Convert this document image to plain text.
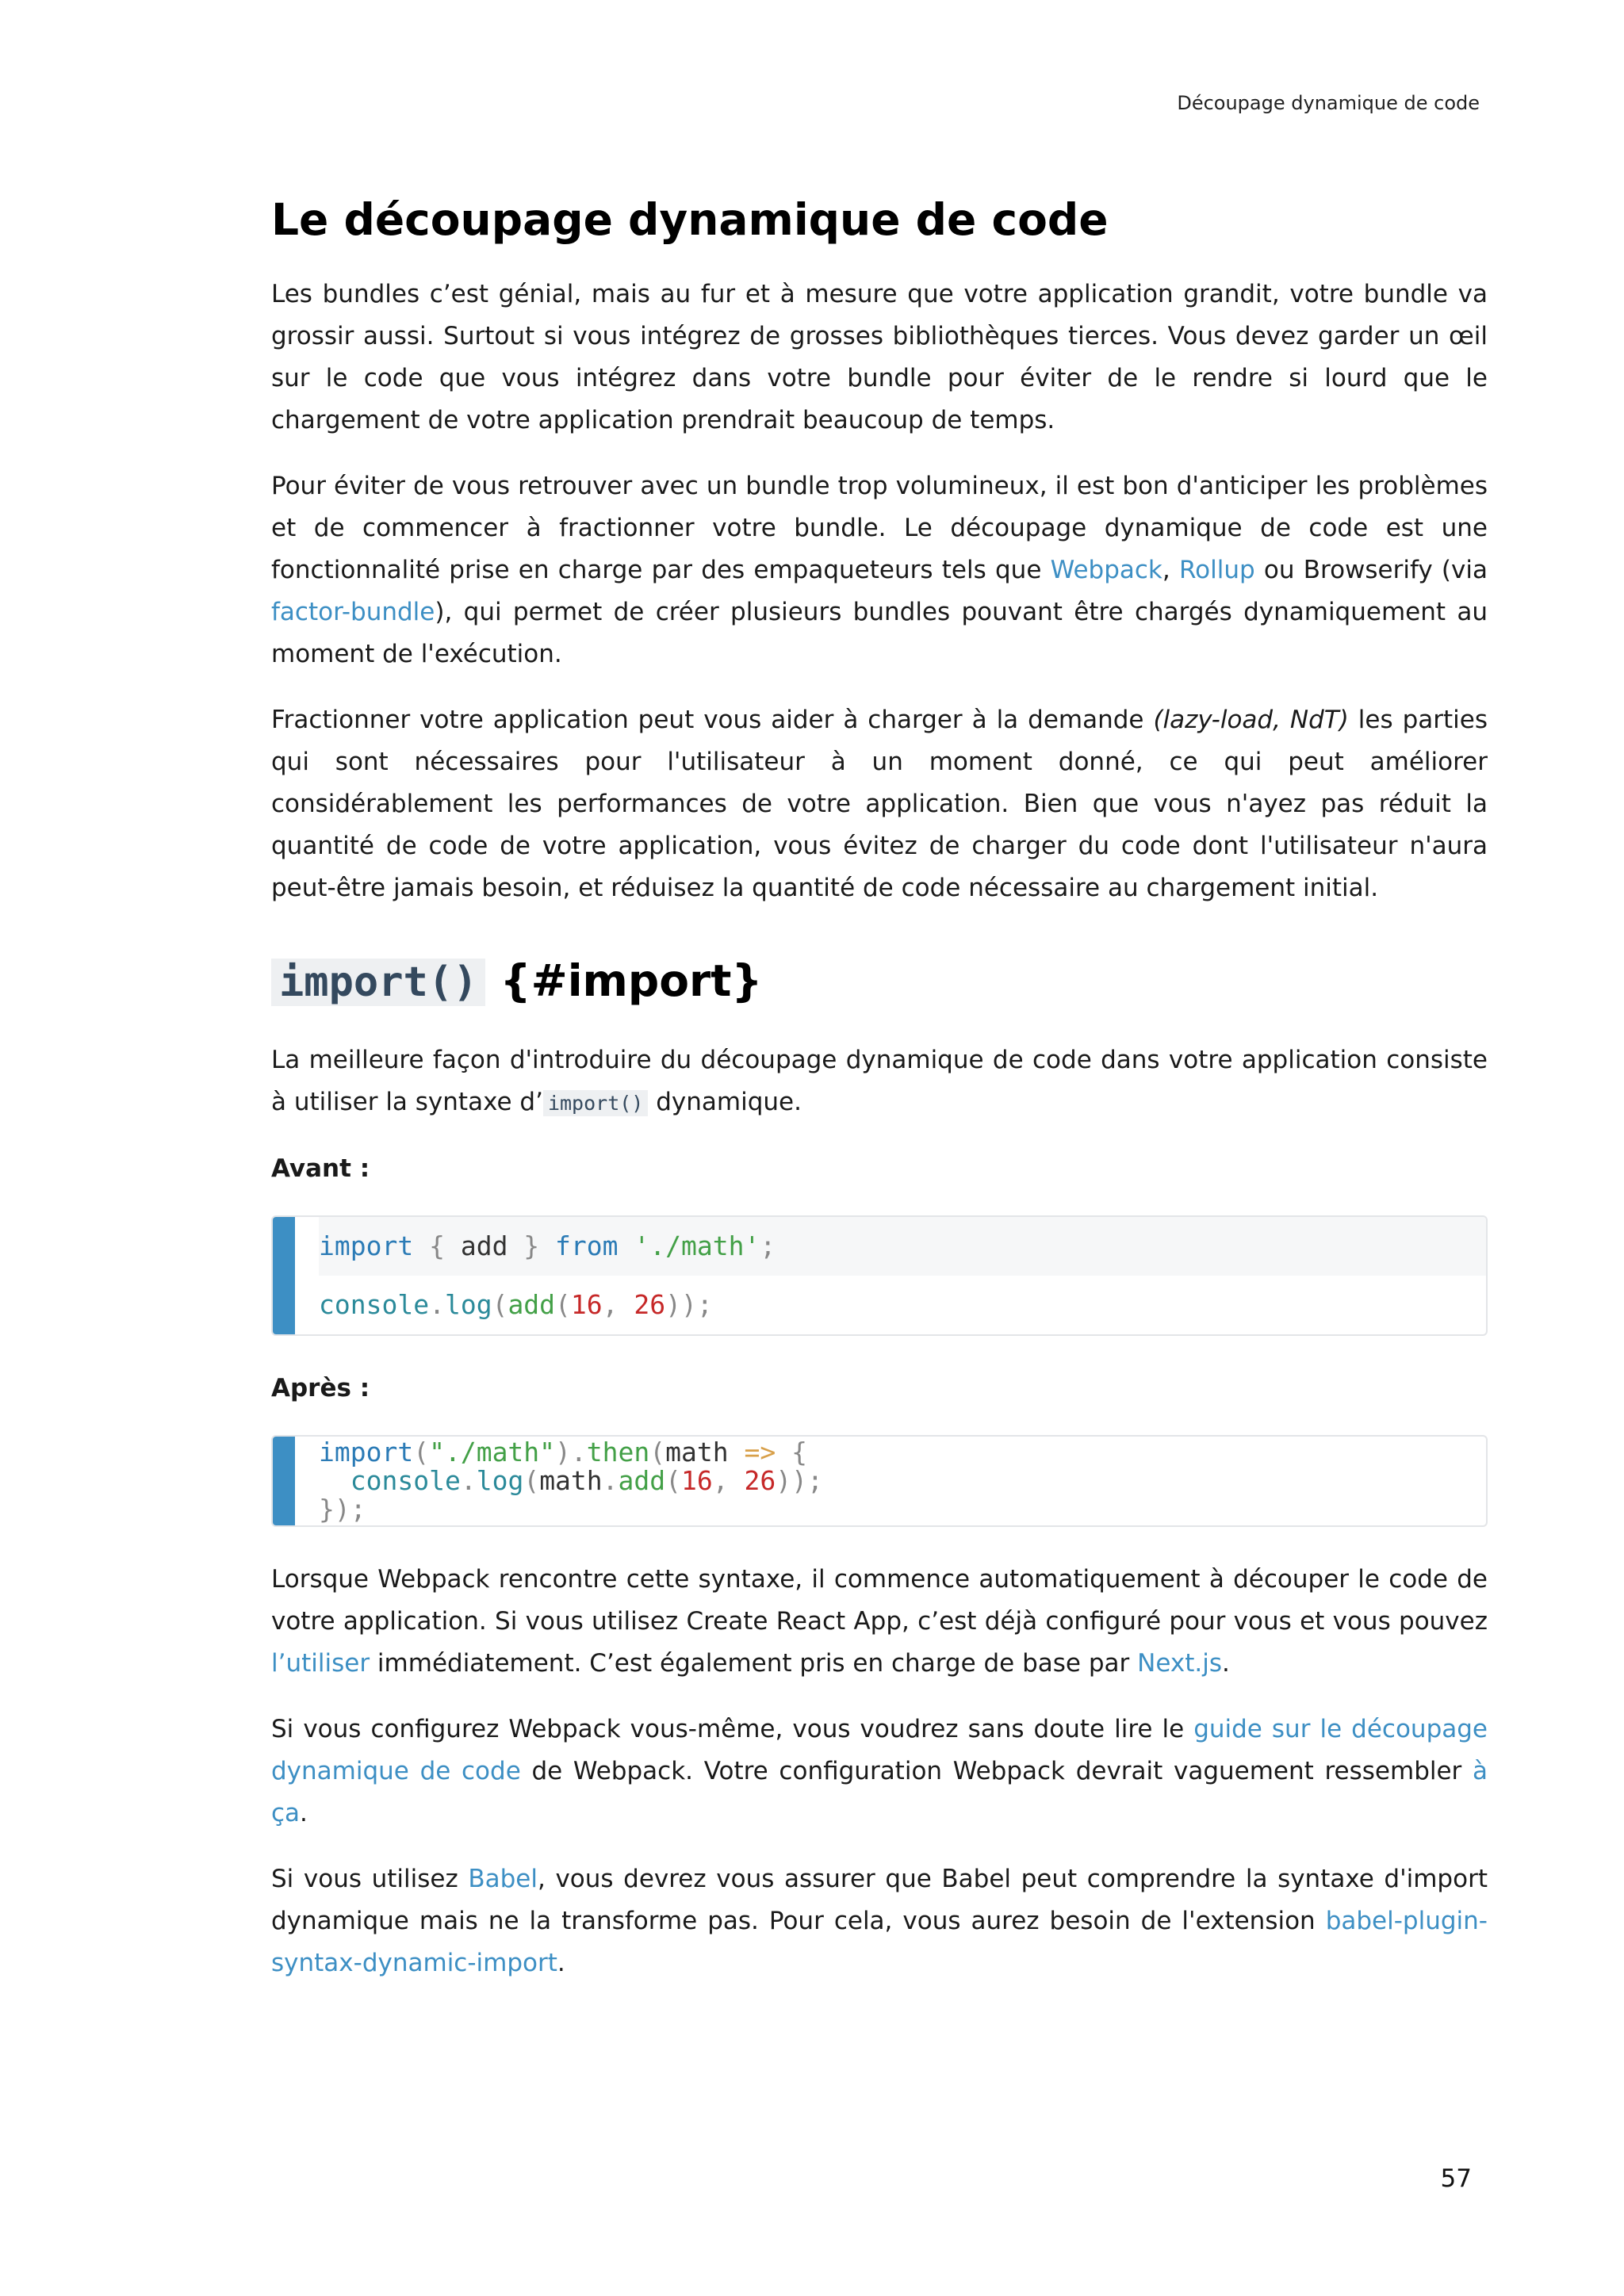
Découpage dynamique de code
Le découpage dynamique de code

Les bundles c’est génial, mais au fur et à mesure que votre application grandit, votre bundle va grossir aussi. Surtout si vous intégrez de grosses bibliothèques tierces. Vous devez garder un œil sur le code que vous intégrez dans votre bundle pour éviter de le rendre si lourd que le chargement de votre application prendrait beaucoup de temps.

Pour éviter de vous retrouver avec un bundle trop volumineux, il est bon d'anticiper les problèmes et de commencer à fractionner votre bundle. Le découpage dynamique de code est une fonctionnalité prise en charge par des empaqueteurs tels que Webpack, Rollup ou Browserify (via factor-bundle), qui permet de créer plusieurs bundles pouvant être chargés dynamiquement au moment de l'exécution.

Fractionner votre application peut vous aider à charger à la demande (lazy-load, NdT) les parties qui sont nécessaires pour l'utilisateur à un moment donné, ce qui peut améliorer considérablement les performances de votre application. Bien que vous n'ayez pas réduit la quantité de code de votre application, vous évitez de charger du code dont l'utilisateur n'aura peut-être jamais besoin, et réduisez la quantité de code nécessaire au chargement initial.

import() {#import}

La meilleure façon d'introduire du découpage dynamique de code dans votre application consiste à utiliser la syntaxe d’ import() dynamique.

Avant :
import { add } from './math';
console.log(add(16, 26));
Après :
import("./math").then(math => {
console.log(math.add(16, 26));
});

Lorsque Webpack rencontre cette syntaxe, il commence automatiquement à découper le code de votre application. Si vous utilisez Create React App, c’est déjà configuré pour vous et vous pouvez l’utiliser immédiatement. C’est également pris en charge de base par Next.js.

Si vous configurez Webpack vous-même, vous voudrez sans doute lire le guide sur le découpage dynamique de code de Webpack. Votre configuration Webpack devrait vaguement ressembler à ça.

Si vous utilisez Babel, vous devrez vous assurer que Babel peut comprendre la syntaxe d'import dynamique mais ne la transforme pas. Pour cela, vous aurez besoin de l'extension babel-plugin-syntax-dynamic-import.

57
